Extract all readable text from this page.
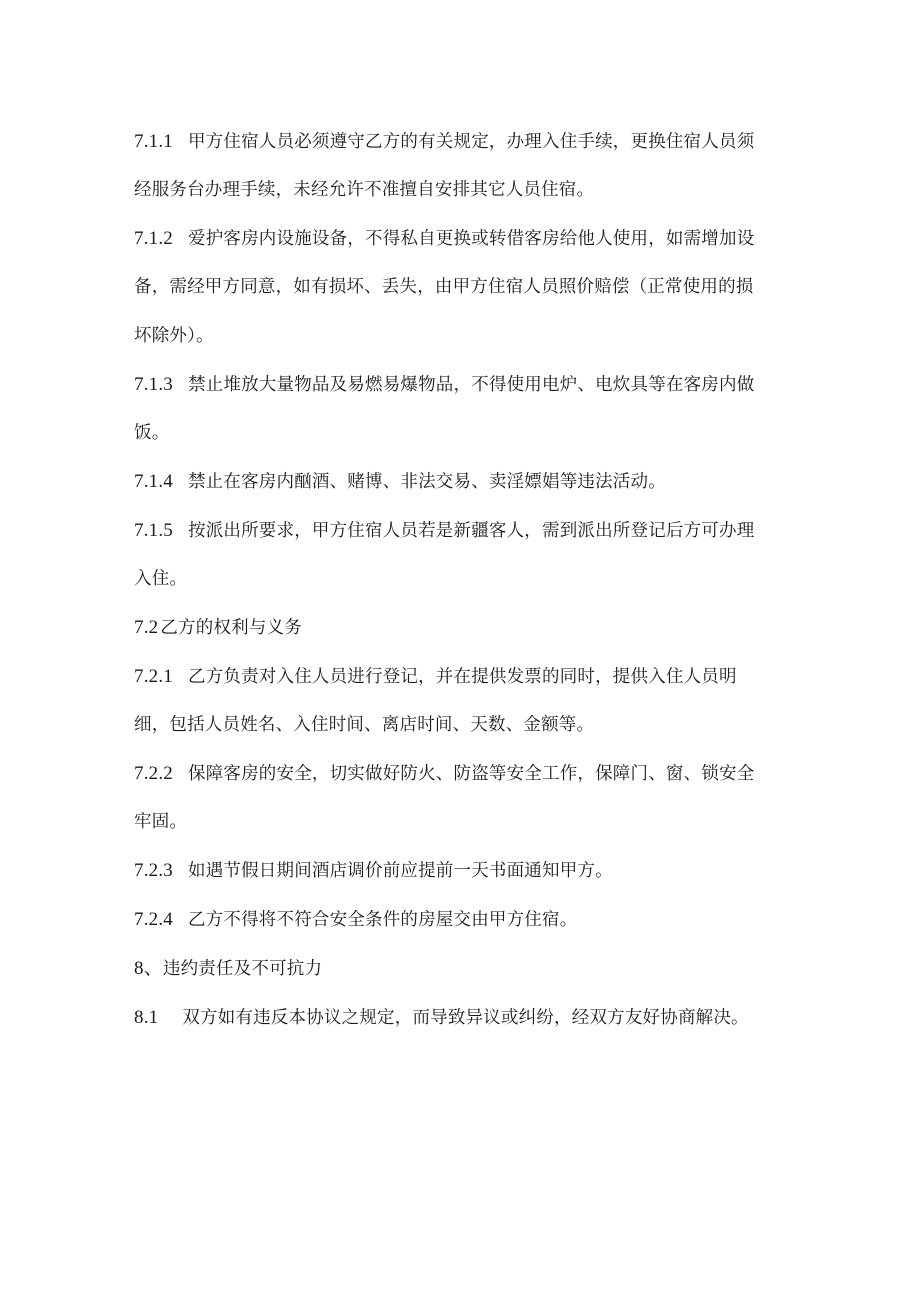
7.1.1 甲方住宿人员必须遵守乙方的有关规定，办理入住手续，更换住宿人员须
经服务台办理手续，未经允许不准擅自安排其它人员住宿。
7.1.2 爱护客房内设施设备，不得私自更换或转借客房给他人使用，如需增加设
备，需经甲方同意，如有损坏、丢失，由甲方住宿人员照价赔偿（正常使用的损
坏除外）。
7.1.3 禁止堆放大量物品及易燃易爆物品，不得使用电炉、电炊具等在客房内做
饭。
7.1.4 禁止在客房内酗酒、赌博、非法交易、卖淫嫖娼等违法活动。
7.1.5 按派出所要求，甲方住宿人员若是新疆客人，需到派出所登记后方可办理
入住。
7.2 乙方的权利与义务
7.2.1 乙方负责对入住人员进行登记，并在提供发票的同时，提供入住人员明
细，包括人员姓名、入住时间、离店时间、天数、金额等。
7.2.2 保障客房的安全，切实做好防火、防盗等安全工作，保障门、窗、锁安全
牢固。
7.2.3 如遇节假日期间酒店调价前应提前一天书面通知甲方。
7.2.4 乙方不得将不符合安全条件的房屋交由甲方住宿。
8、违约责任及不可抗力
8.1 双方如有违反本协议之规定，而导致异议或纠纷，经双方友好协商解决。
